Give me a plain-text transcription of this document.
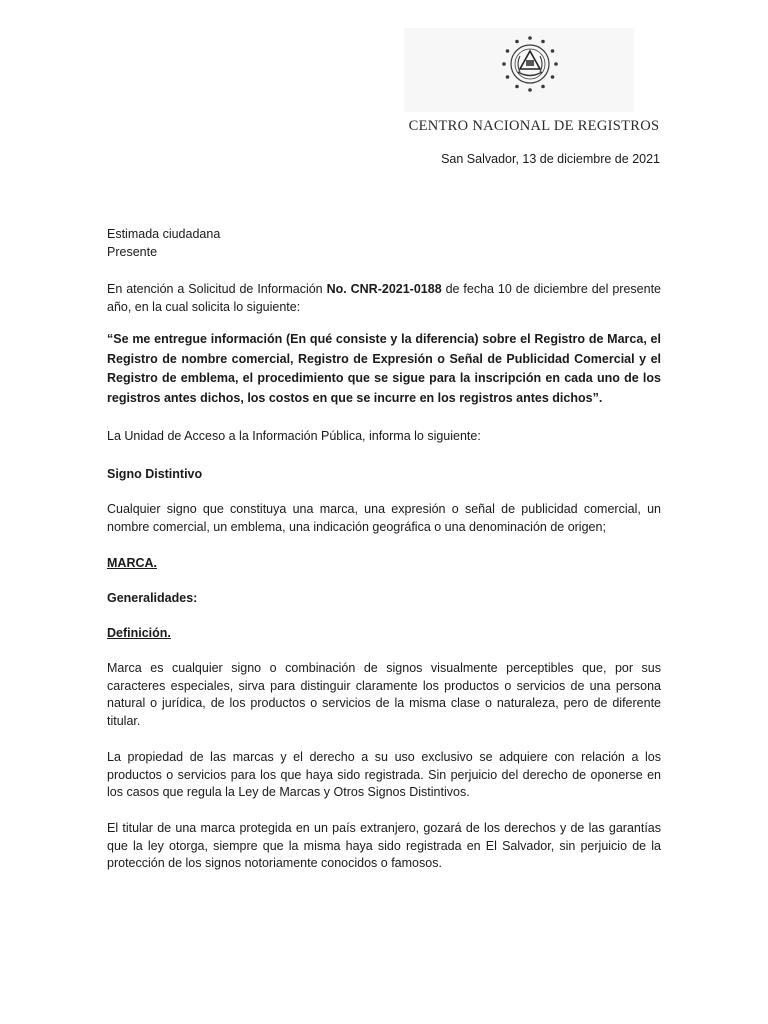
CENTRO NACIONAL DE REGISTROS
San Salvador, 13 de diciembre de 2021
Estimada ciudadana
Presente

En atención a Solicitud de Información No. CNR-2021-0188 de fecha 10 de diciembre del presente año, en la cual solicita lo siguiente:

“Se me entregue información (En qué consiste y la diferencia) sobre el Registro de Marca, el Registro de nombre comercial, Registro de Expresión o Señal de Publicidad Comercial y el Registro de emblema, el procedimiento que se sigue para la inscripción en cada uno de los registros antes dichos, los costos en que se incurre en los registros antes dichos”.

La Unidad de Acceso a la Información Pública, informa lo siguiente:

Signo Distintivo

Cualquier signo que constituya una marca, una expresión o señal de publicidad comercial, un nombre comercial, un emblema, una indicación geográfica o una denominación de origen;

MARCA.

Generalidades:

Definición.

Marca es cualquier signo o combinación de signos visualmente perceptibles que, por sus caracteres especiales, sirva para distinguir claramente los productos o servicios de una persona natural o jurídica, de los productos o servicios de la misma clase o naturaleza, pero de diferente titular.

La propiedad de las marcas y el derecho a su uso exclusivo se adquiere con relación a los productos o servicios para los que haya sido registrada. Sin perjuicio del derecho de oponerse en los casos que regula la Ley de Marcas y Otros Signos Distintivos.

El titular de una marca protegida en un país extranjero, gozará de los derechos y de las garantías que la ley otorga, siempre que la misma haya sido registrada en El Salvador, sin perjuicio de la protección de los signos notoriamente conocidos o famosos.
